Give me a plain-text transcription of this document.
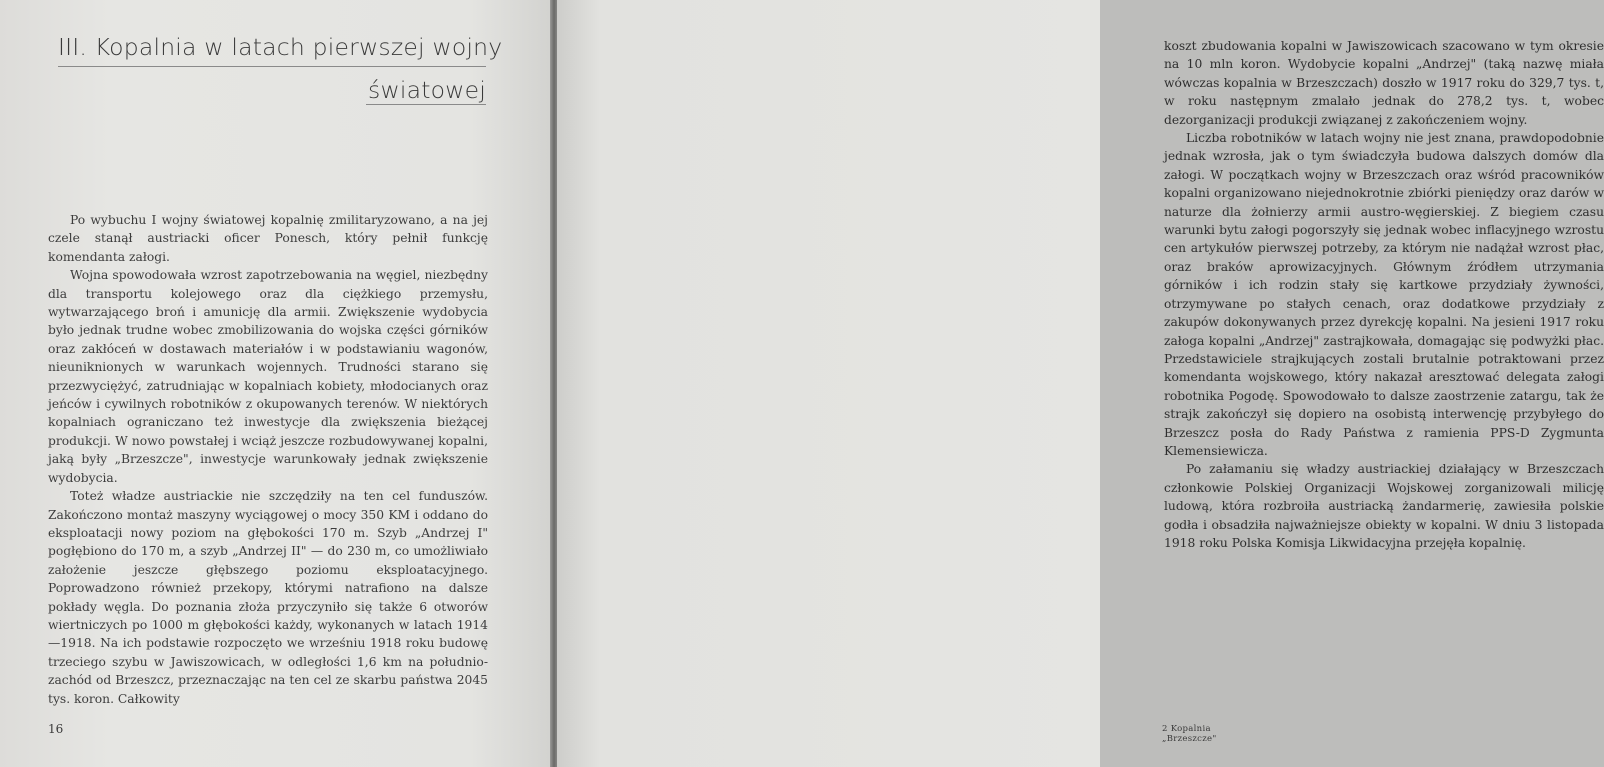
III. Kopalnia w latach pierwszej wojny
światowej

Po wybuchu I wojny światowej kopalnię zmilitaryzowano, a na jej czele stanął austriacki oficer Ponesch, który pełnił funkcję komendanta załogi.

Wojna spowodowała wzrost zapotrzebowania na węgiel, niezbędny dla transportu kolejowego oraz dla ciężkiego przemysłu, wytwarzającego broń i amunicję dla armii. Zwiększenie wydobycia było jednak trudne wobec zmobilizowania do wojska części górników oraz zakłóceń w dostawach materiałów i w podstawianiu wagonów, nieuniknionych w warunkach wojennych. Trudności starano się przezwyciężyć, zatrudniając w kopalniach kobiety, młodocianych oraz jeńców i cywilnych robotników z okupowanych terenów. W niektórych kopalniach ograniczano też inwestycje dla zwiększenia bieżącej produkcji. W nowo powstałej i wciąż jeszcze rozbudowywanej kopalni, jaką były „Brzeszcze", inwestycje warunkowały jednak zwiększenie wydobycia.

Toteż władze austriackie nie szczędziły na ten cel funduszów. Zakończono montaż maszyny wyciągowej o mocy 350 KM i oddano do eksploatacji nowy poziom na głębokości 170 m. Szyb „Andrzej I" pogłębiono do 170 m, a szyb „Andrzej II" — do 230 m, co umożliwiało założenie jeszcze głębszego poziomu eksploatacyjnego. Poprowadzono również przekopy, którymi natrafiono na dalsze pokłady węgla. Do poznania złoża przyczyniło się także 6 otworów wiertniczych po 1000 m głębokości każdy, wykonanych w latach 1914—1918. Na ich podstawie rozpoczęto we wrześniu 1918 roku budowę trzeciego szybu w Jawiszowicach, w odległości 1,6 km na południo-zachód od Brzeszcz, przeznaczając na ten cel ze skarbu państwa 2045 tys. koron. Całkowity

16

koszt zbudowania kopalni w Jawiszowicach szacowano w tym okresie na 10 mln koron. Wydobycie kopalni „Andrzej" (taką nazwę miała wówczas kopalnia w Brzeszczach) doszło w 1917 roku do 329,7 tys. t, w roku następnym zmalało jednak do 278,2 tys. t, wobec dezorganizacji produkcji związanej z zakończeniem wojny.

Liczba robotników w latach wojny nie jest znana, prawdopodobnie jednak wzrosła, jak o tym świadczyła budowa dalszych domów dla załogi. W początkach wojny w Brzeszczach oraz wśród pracowników kopalni organizowano niejednokrotnie zbiórki pieniędzy oraz darów w naturze dla żołnierzy armii austro-węgierskiej. Z biegiem czasu warunki bytu załogi pogorszyły się jednak wobec inflacyjnego wzrostu cen artykułów pierwszej potrzeby, za którym nie nadążał wzrost płac, oraz braków aprowizacyjnych. Głównym źródłem utrzymania górników i ich rodzin stały się kartkowe przydziały żywności, otrzymywane po stałych cenach, oraz dodatkowe przydziały z zakupów dokonywanych przez dyrekcję kopalni. Na jesieni 1917 roku załoga kopalni „Andrzej" zastrajkowała, domagając się podwyżki płac. Przedstawiciele strajkujących zostali brutalnie potraktowani przez komendanta wojskowego, który nakazał aresztować delegata załogi robotnika Pogodę. Spowodowało to dalsze zaostrzenie zatargu, tak że strajk zakończył się dopiero na osobistą interwencję przybyłego do Brzeszcz posła do Rady Państwa z ramienia PPS-D Zygmunta Klemensiewicza.

Po załamaniu się władzy austriackiej działający w Brzeszczach członkowie Polskiej Organizacji Wojskowej zorganizowali milicję ludową, która rozbroiła austriacką żandarmerię, zawiesiła polskie godła i obsadziła najważniejsze obiekty w kopalni. W dniu 3 listopada 1918 roku Polska Komisja Likwidacyjna przejęła kopalnię.

2 Kopalnia „Brzeszcze"
